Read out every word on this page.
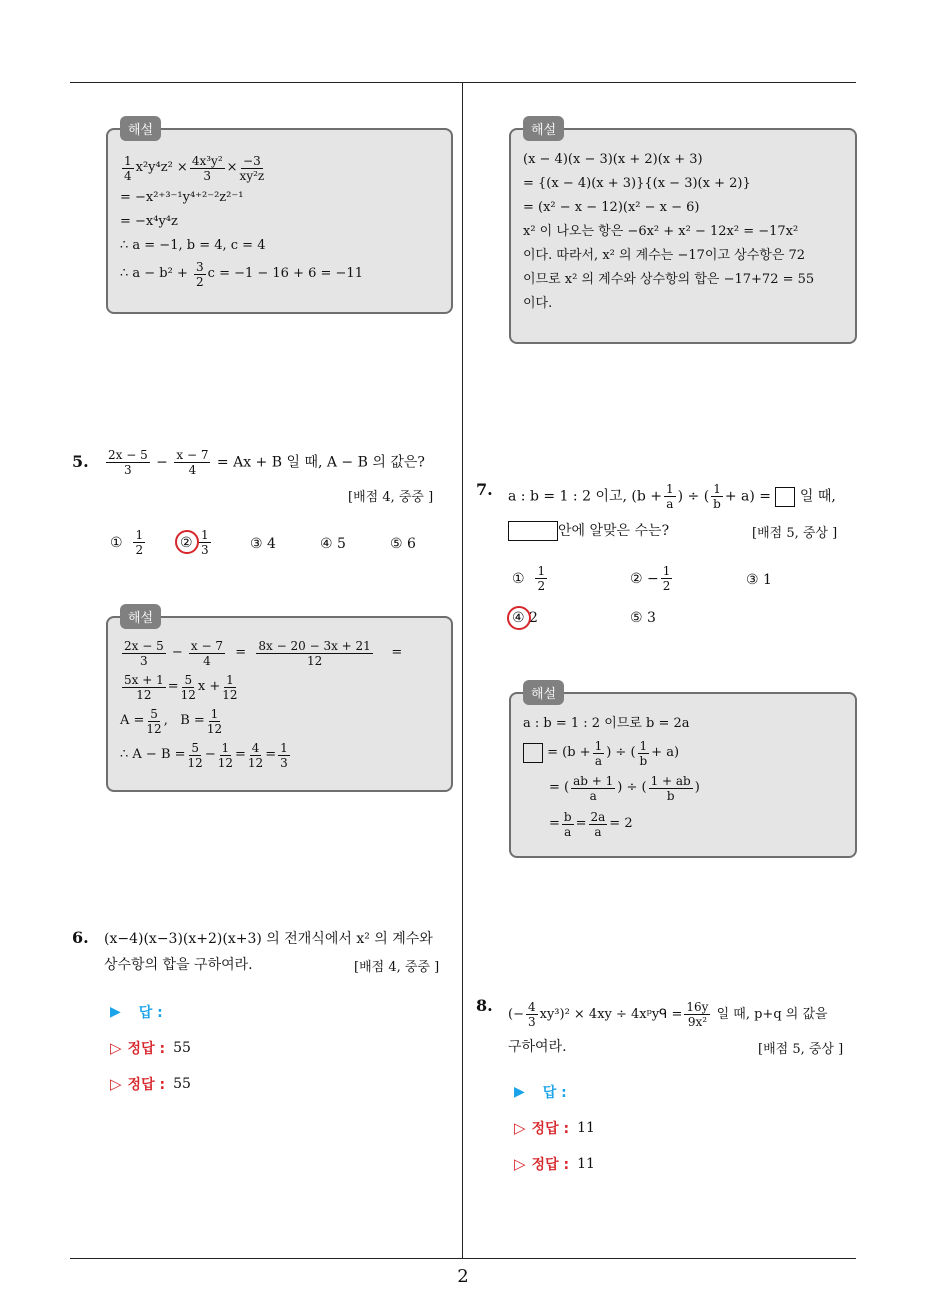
해설
$\frac{1}{4} x^2y^4z^2 \times \frac{\text{4x³y²}}{3} \times \frac{-3}{\text{xy²z}}$
= −x²⁺³⁻¹y⁴⁺²⁻²z²⁻¹
= −x⁴y⁴z
∴ a = −1, b = 4, c = 4
∴ $a - b^2 + \frac{3}{2}$ c = −1 − 16 + 6 = −11
5. $\frac{2x - 5}{3} - \frac{x - 7}{4} = Ax + B$ 일 때, A − B 의 값은?
[배점 4, 중중 ]
①
$\frac{1}{2}$ ②
$\frac{1}{3}$	③
4	④
5	⑤
6
해설
$\frac{2x - 5}{3} - \frac{x - 7}{4} = \frac{8x - 20 - 3x + 21}{12}$ =
$\frac{5x + 1}{12} = \frac{5}{12}$ $x + \frac{1}{12}$
$A = \frac{5}{12}$ ,   $B = \frac{1}{12}$
∴ $A - B = \frac{5}{12} - \frac{1}{12} = \frac{4}{12} = \frac{1}{3}$
6. (x−4)(x−3)(x+2)(x+3) 의 전개식에서 x² 의 계수와
상수항의 합을 구하여라.	[배점 4, 중중 ]
▶ 답 :
▷ 정답 : 55
▷ 정답 : 55
해설
(x − 4)(x − 3)(x + 2)(x + 3)
= {(x − 4)(x + 3)}{(x − 3)(x + 2)}
= (x² − x − 12)(x² − x − 6)
x² 이 나오는 항은 −6x² + x² − 12x² = −17x²
이다. 따라서, x² 의 계수는 −17이고 상수항은 72
이므로 x² 의 계수와 상수항의 합은 −17+72 = 55
이다.
7. a : b = 1 : 2 이고, ($b + \frac{1}{a}$ ) ÷ ( $\frac{1}{b} + a$) =  일 때,
안에 알맞은 수는?	[배점 5, 중상 ]
①
$\frac{1}{2}$	② − $\frac{1}{2}$	③
1
④
2	⑤
3
해설
a : b = 1 : 2 이므로 b = 2a
= ($b + \frac{1}{a}$ ) ÷ ( $\frac{1}{b} + a$)
= ( $\frac{ab + 1}{a}$ ) ÷ ( $\frac{1 + ab}{b}$ )
= $\frac{b}{a} = \frac{2a}{a} = 2$
8. (− $\frac{4}{3} xy^3)^2 \times 4xy$ ÷ 4xᵖyᑫ = $\frac{16y}{\text{9x²}}$ 일 때, p+q 의 값을
구하여라.	[배점 5, 중상 ]
▶ 답 :
▷ 정답 : 11
▷ 정답 : 11
2
